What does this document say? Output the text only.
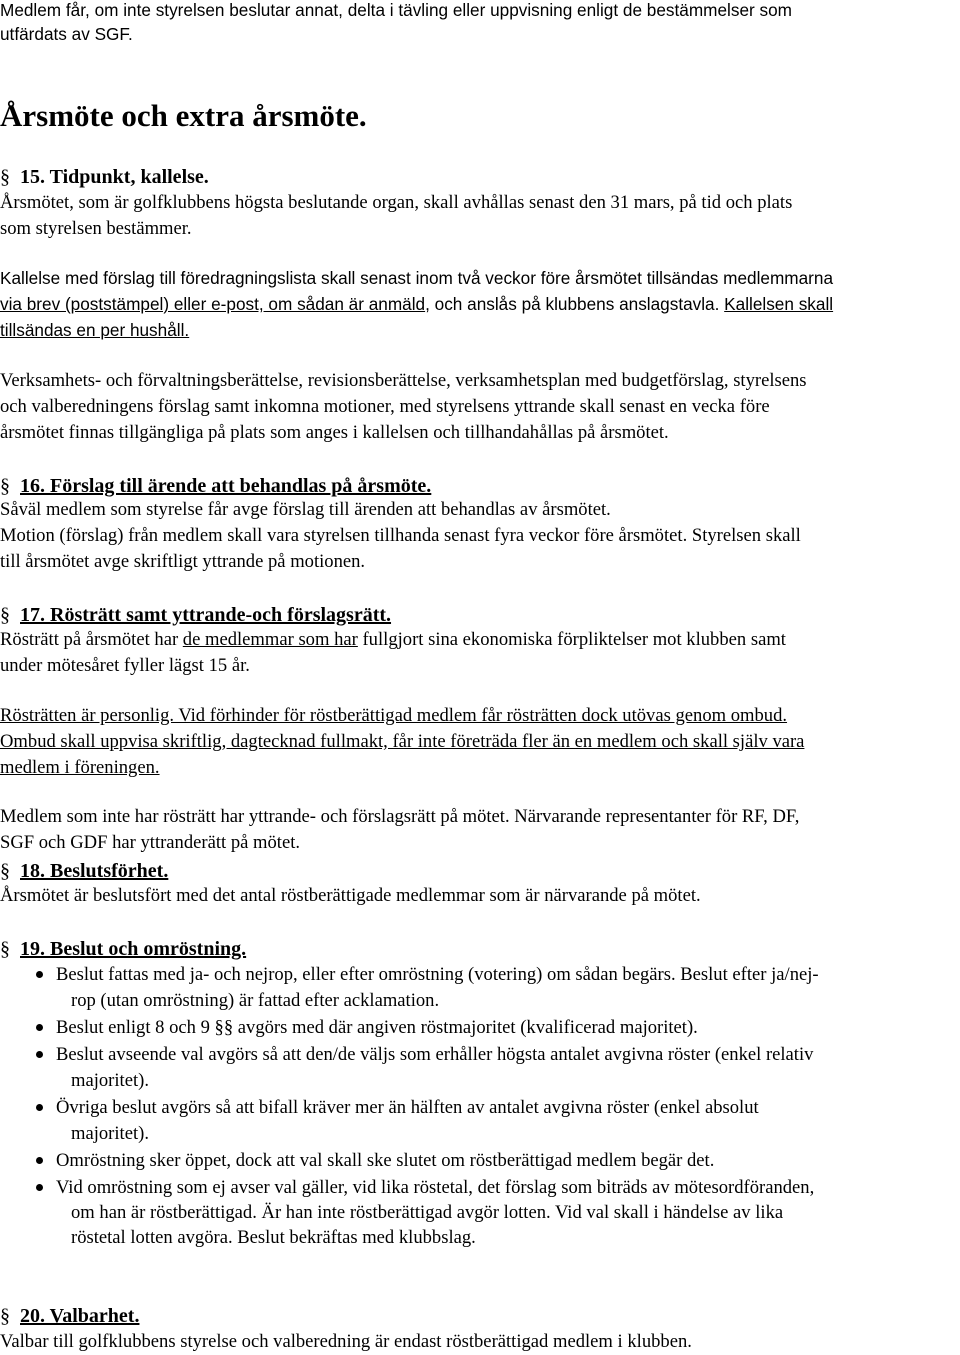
Medlem får, om inte styrelsen beslutar annat, delta i tävling eller uppvisning enligt de bestämmelser som

utfärdats av SGF.

Årsmöte och extra årsmöte.

§ 15. Tidpunkt, kallelse.

Årsmötet, som är golfklubbens högsta beslutande organ, skall avhållas senast den 31 mars, på tid och plats

som styrelsen bestämmer.

Kallelse med förslag till föredragningslista skall senast inom två veckor före årsmötet tillsändas medlemmarna

via brev (poststämpel) eller e-post, om sådan är anmäld, och anslås på klubbens anslagstavla. Kallelsen skall

tillsändas en per hushåll.

Verksamhets- och förvaltningsberättelse, revisionsberättelse, verksamhetsplan med budgetförslag, styrelsens

och valberedningens förslag samt inkomna motioner, med styrelsens yttrande skall senast en vecka före

årsmötet finnas tillgängliga på plats som anges i kallelsen och tillhandahållas på årsmötet.

§ 16. Förslag till ärende att behandlas på årsmöte.

Såväl medlem som styrelse får avge förslag till ärenden att behandlas av årsmötet.

Motion (förslag) från medlem skall vara styrelsen tillhanda senast fyra veckor före årsmötet. Styrelsen skall

till årsmötet avge skriftligt yttrande på motionen.

§ 17. Rösträtt samt yttrande-och förslagsrätt.

Rösträtt på årsmötet har de medlemmar som har fullgjort sina ekonomiska förpliktelser mot klubben samt

under mötesåret fyller lägst 15 år.

Rösträtten är personlig. Vid förhinder för röstberättigad medlem får rösträtten dock utövas genom ombud.

Ombud skall uppvisa skriftlig, dagtecknad fullmakt, får inte företräda fler än en medlem och skall själv vara

medlem i föreningen.

Medlem som inte har rösträtt har yttrande- och förslagsrätt på mötet. Närvarande representanter för RF, DF,

SGF och GDF har yttranderätt på mötet.

§ 18. Beslutsförhet.

Årsmötet är beslutsfört med det antal röstberättigade medlemmar som är närvarande på mötet.

§ 19. Beslut och omröstning.

Beslut fattas med ja- och nejrop, eller efter omröstning (votering) om sådan begärs. Beslut efter ja/nej-

rop (utan omröstning) är fattad efter acklamation.

Beslut enligt 8 och 9 §§ avgörs med där angiven röstmajoritet (kvalificerad majoritet).

Beslut avseende val avgörs så att den/de väljs som erhåller högsta antalet avgivna röster (enkel relativ

majoritet).

Övriga beslut avgörs så att bifall kräver mer än hälften av antalet avgivna röster (enkel absolut

majoritet).

Omröstning sker öppet, dock att val skall ske slutet om röstberättigad medlem begär det.

Vid omröstning som ej avser val gäller, vid lika röstetal, det förslag som biträds av mötesordföranden,

om han är röstberättigad. Är han inte röstberättigad avgör lotten. Vid val skall i händelse av lika

röstetal lotten avgöra. Beslut bekräftas med klubbslag.

§ 20. Valbarhet.

Valbar till golfklubbens styrelse och valberedning är endast röstberättigad medlem i klubben.
